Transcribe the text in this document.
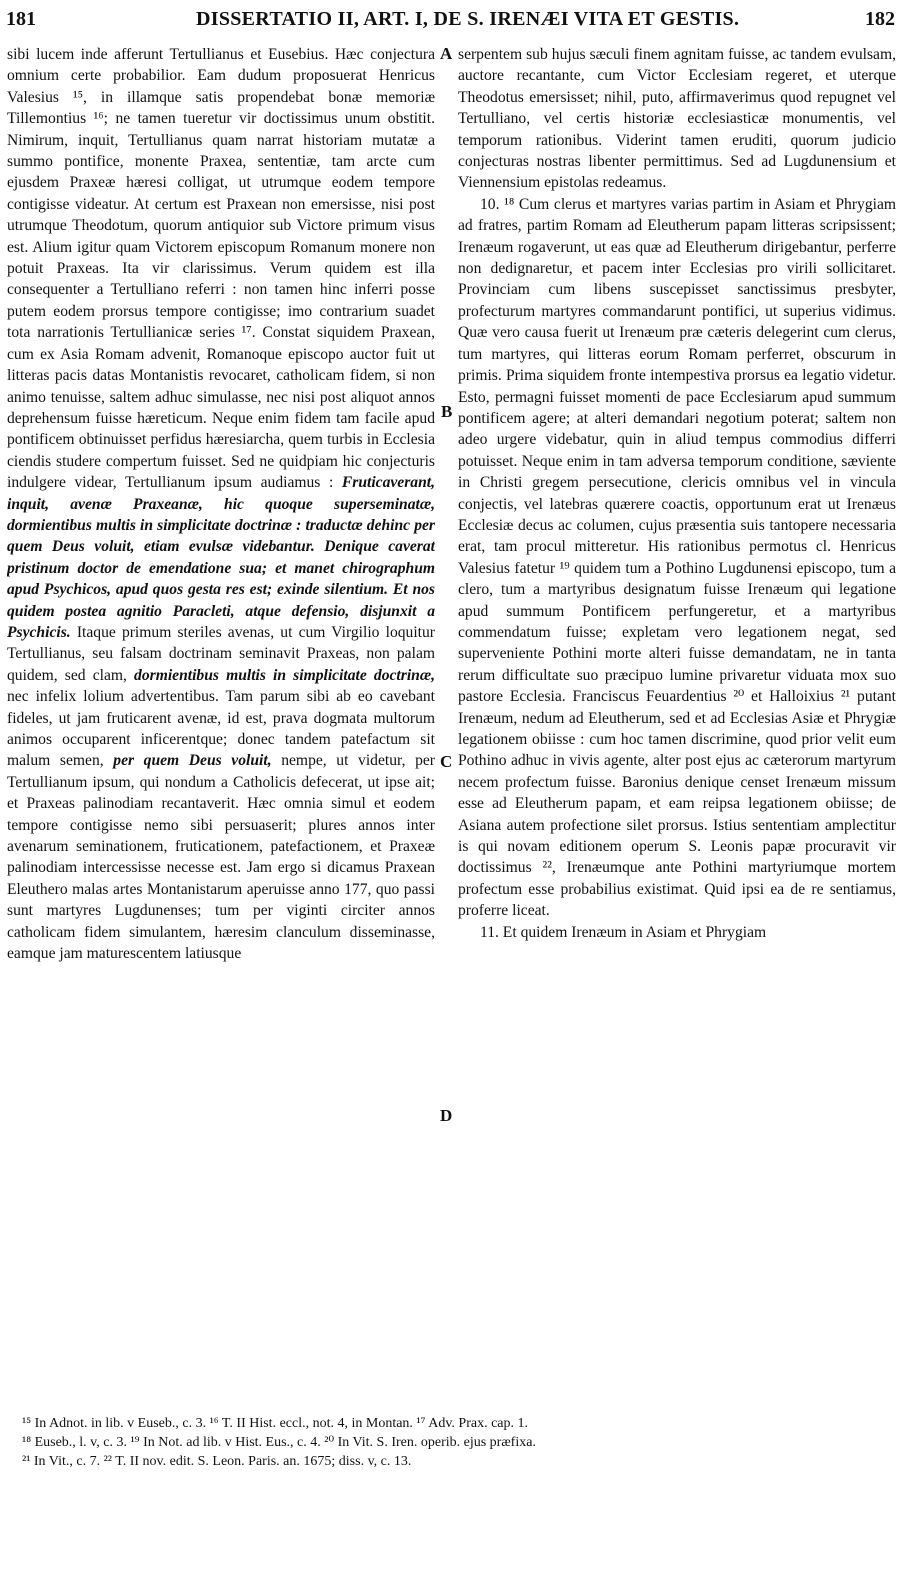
181	DISSERTATIO II, ART. I, DE S. IRENÆI VITA ET GESTIS.	182

sibi lucem inde afferunt Tertullianus et Eusebius. Hæc conjectura omnium certe probabilior. Eam dudum proposuerat Henricus Valesius ¹⁵, in illamque satis propendebat bonæ memoriæ Tillemontius ¹⁶; ne tamen tueretur vir doctissimus unum obstitit. Nimirum, inquit, Tertullianus quam narrat historiam mutatæ a summo pontifice, monente Praxea, sententiæ, tam arcte cum ejusdem Praxeæ hæresi colligat, ut utrumque eodem tempore contigisse videatur. At certum est Praxean non emersisse, nisi post utrumque Theodotum, quorum antiquior sub Victore primum visus est. Alium igitur quam Victorem episcopum Romanum monere non potuit Praxeas. Ita vir clarissimus. Verum quidem est illa consequenter a Tertulliano referri : non tamen hinc inferri posse putem eodem prorsus tempore contigisse; imo contrarium suadet tota narrationis Tertullianicæ series ¹⁷. Constat siquidem Praxean, cum ex Asia Romam advenit, Romanoque episcopo auctor fuit ut litteras pacis datas Montanistis revocaret, catholicam fidem, si non animo tenuisse, saltem adhuc simulasse, nec nisi post aliquot annos deprehensum fuisse hæreticum. Neque enim fidem tam facile apud pontificem obtinuisset perfidus hæresiarcha, quem turbis in Ecclesia ciendis studere compertum fuisset. Sed ne quidpiam hic conjecturis indulgere videar, Tertullianum ipsum audiamus : Fruticaverant, inquit, avenæ Praxeanæ, hic quoque superseminatæ, dormientibus multis in simplicitate doctrinæ : traductæ dehinc per quem Deus voluit, etiam evulsæ videbantur. Denique caverat pristinum doctor de emendatione sua; et manet chirographum apud Psychicos, apud quos gesta res est; exinde silentium. Et nos quidem postea agnitio Paracleti, atque defensio, disjunxit a Psychicis. Itaque primum steriles avenas, ut cum Virgilio loquitur Tertullianus, seu falsam doctrinam seminavit Praxeas, non palam quidem, sed clam, dormientibus multis in simplicitate doctrinæ, nec infelix lolium advertentibus. Tam parum sibi ab eo cavebant fideles, ut jam fruticarent avenæ, id est, prava dogmata multorum animos occuparent inficerentque; donec tandem patefactum sit malum semen, per quem Deus voluit, nempe, ut videtur, per Tertullianum ipsum, qui nondum a Catholicis defecerat, ut ipse ait; et Praxeas palinodiam recantaverit. Hæc omnia simul et eodem tempore contigisse nemo sibi persuaserit; plures annos inter avenarum seminationem, fruticationem, patefactionem, et Praxeæ palinodiam intercessisse necesse est. Jam ergo si dicamus Praxean Eleuthero malas artes Montanistarum aperuisse anno 177, quo passi sunt martyres Lugdunenses; tum per viginti circiter annos catholicam fidem simulantem, hæresim clanculum disseminasse, eamque jam maturescentem latiusque

A
B
C
D

serpentem sub hujus sæculi finem agnitam fuisse, ac tandem evulsam, auctore recantante, cum Victor Ecclesiam regeret, et uterque Theodotus emersisset; nihil, puto, affirmaverimus quod repugnet vel Tertulliano, vel certis historiæ ecclesiasticæ monumentis, vel temporum rationibus. Viderint tamen eruditi, quorum judicio conjecturas nostras libenter permittimus. Sed ad Lugdunensium et Viennensium epistolas redeamus.

10. ¹⁸ Cum clerus et martyres varias partim in Asiam et Phrygiam ad fratres, partim Romam ad Eleutherum papam litteras scripsissent; Irenæum rogaverunt, ut eas quæ ad Eleutherum dirigebantur, perferre non dedignaretur, et pacem inter Ecclesias pro virili sollicitaret. Provinciam cum libens suscepisset sanctissimus presbyter, profecturum martyres commandarunt pontifici, ut superius vidimus. Quæ vero causa fuerit ut Irenæum præ cæteris delegerint cum clerus, tum martyres, qui litteras eorum Romam perferret, obscurum in primis. Prima siquidem fronte intempestiva prorsus ea legatio videtur. Esto, permagni fuisset momenti de pace Ecclesiarum apud summum pontificem agere; at alteri demandari negotium poterat; saltem non adeo urgere videbatur, quin in aliud tempus commodius differri potuisset. Neque enim in tam adversa temporum conditione, sæviente in Christi gregem persecutione, clericis omnibus vel in vincula conjectis, vel latebras quærere coactis, opportunum erat ut Irenæus Ecclesiæ decus ac columen, cujus præsentia suis tantopere necessaria erat, tam procul mitteretur. His rationibus permotus cl. Henricus Valesius fatetur ¹⁹ quidem tum a Pothino Lugdunensi episcopo, tum a clero, tum a martyribus designatum fuisse Irenæum qui legatione apud summum Pontificem perfungeretur, et a martyribus commendatum fuisse; expletam vero legationem negat, sed superveniente Pothini morte alteri fuisse demandatam, ne in tanta rerum difficultate suo præcipuo lumine privaretur viduata mox suo pastore Ecclesia. Franciscus Feuardentius ²⁰ et Halloixius ²¹ putant Irenæum, nedum ad Eleutherum, sed et ad Ecclesias Asiæ et Phrygiæ legationem obiisse : cum hoc tamen discrimine, quod prior velit eum Pothino adhuc in vivis agente, alter post ejus ac cæterorum martyrum necem profectum fuisse. Baronius denique censet Irenæum missum esse ad Eleutherum papam, et eam reipsa legationem obiisse; de Asiana autem profectione silet prorsus. Istius sententiam amplectitur is qui novam editionem operum S. Leonis papæ procuravit vir doctissimus ²², Irenæumque ante Pothini martyriumque mortem profectum esse probabilius existimat. Quid ipsi ea de re sentiamus, proferre liceat.

11. Et quidem Irenæum in Asiam et Phrygiam

¹⁵ In Adnot. in lib. v Euseb., c. 3. ¹⁶ T. II Hist. eccl., not. 4, in Montan. ¹⁷ Adv. Prax. cap. 1.
¹⁸ Euseb., l. v, c. 3. ¹⁹ In Not. ad lib. v Hist. Eus., c. 4. ²⁰ In Vit. S. Iren. operib. ejus præfixa.
²¹ In Vit., c. 7. ²² T. II nov. edit. S. Leon. Paris. an. 1675; diss. v, c. 13.
